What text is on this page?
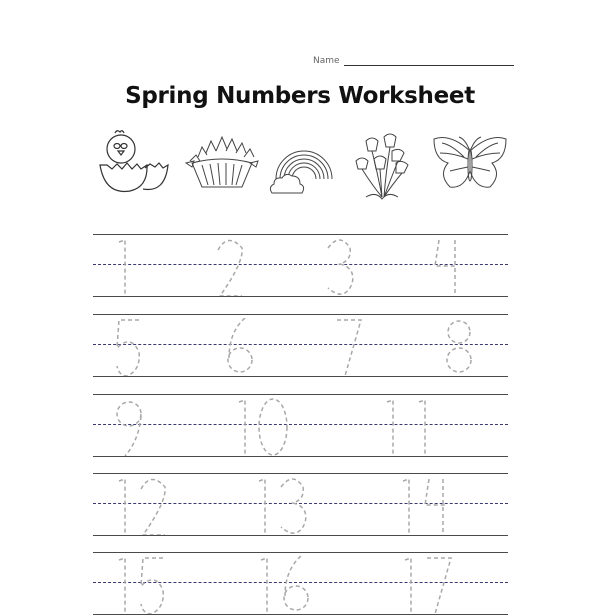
Name
Spring Numbers Worksheet
